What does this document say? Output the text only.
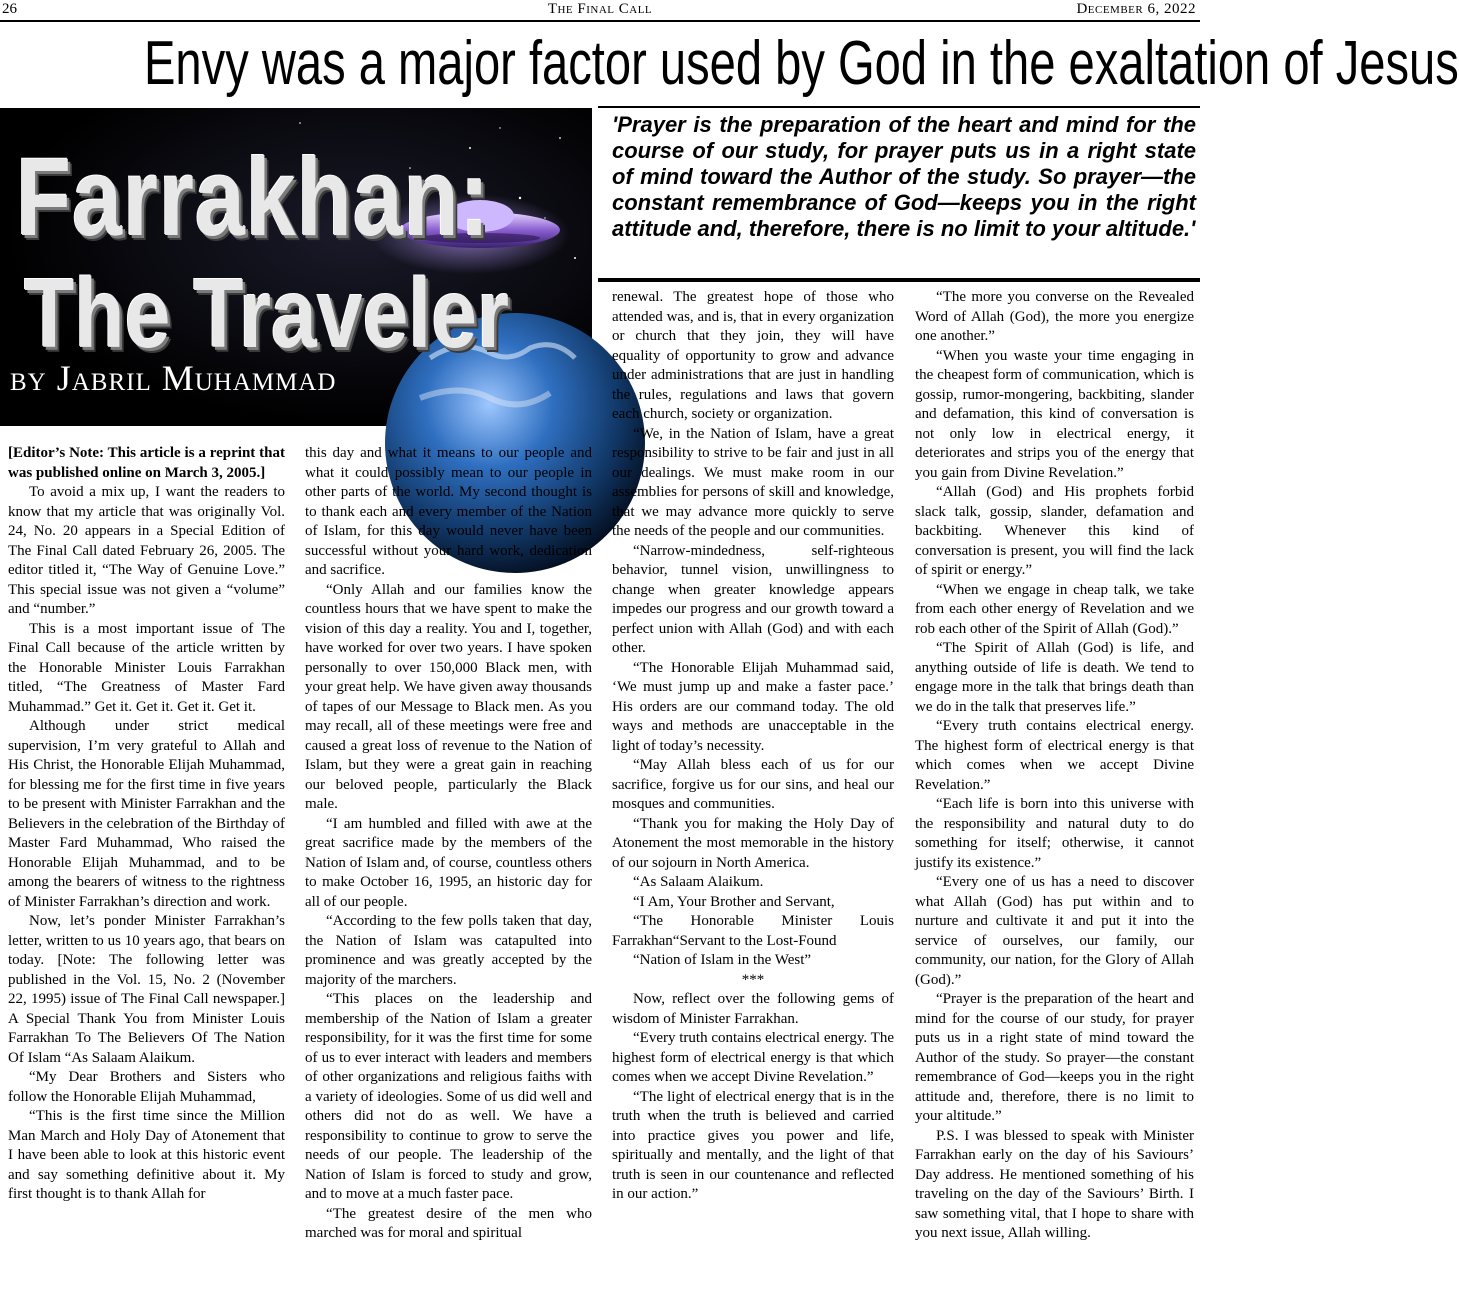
26	The Final Call	December 6, 2022
Envy was a major factor used by God in the exaltation of Jesus
Farrakhan:
The Traveler
by Jabril Muhammad
'Prayer is the preparation of the heart and mind for the course of our study, for prayer puts us in a right state of mind toward the Author of the study. So prayer—the constant remembrance of God—keeps you in the right attitude and, therefore, there is no limit to your altitude.'

[Editor’s Note: This article is a reprint that was published online on March 3, 2005.]

To avoid a mix up, I want the readers to know that my article that was originally Vol. 24, No. 20 appears in a Special Edition of The Final Call dated February 26, 2005. The editor titled it, “The Way of Genuine Love.” This special issue was not given a “volume” and “number.”

This is a most important issue of The Final Call because of the article written by the Honorable Minister Louis Farrakhan titled, “The Greatness of Master Fard Muhammad.” Get it. Get it. Get it. Get it.

Although under strict medical supervision, I’m very grateful to Allah and His Christ, the Honorable Elijah Muhammad, for blessing me for the first time in five years to be present with Minister Farrakhan and the Believers in the celebration of the Birthday of Master Fard Muhammad, Who raised the Honorable Elijah Muhammad, and to be among the bearers of witness to the rightness of Minister Farrakhan’s direction and work.

Now, let’s ponder Minister Farrakhan’s letter, written to us 10 years ago, that bears on today. [Note: The following letter was published in the Vol. 15, No. 2 (November 22, 1995) issue of The Final Call newspaper.] A Special Thank You from Minister Louis Farrakhan To The Believers Of The Nation Of Islam “As Salaam Alaikum.

“My Dear Brothers and Sisters who follow the Honorable Elijah Muhammad,

“This is the first time since the Million Man March and Holy Day of Atonement that I have been able to look at this historic event and say something definitive about it. My first thought is to thank Allah for

this day and what it means to our people and what it could possibly mean to our people in other parts of the world. My second thought is to thank each and every member of the Nation of Islam, for this day would never have been successful without your hard work, dedication and sacrifice.

“Only Allah and our families know the countless hours that we have spent to make the vision of this day a reality. You and I, together, have worked for over two years. I have spoken personally to over 150,000 Black men, with your great help. We have given away thousands of tapes of our Message to Black men. As you may recall, all of these meetings were free and caused a great loss of revenue to the Nation of Islam, but they were a great gain in reaching our beloved people, particularly the Black male.

“I am humbled and filled with awe at the great sacrifice made by the members of the Nation of Islam and, of course, countless others to make October 16, 1995, an historic day for all of our people.

“According to the few polls taken that day, the Nation of Islam was catapulted into prominence and was greatly accepted by the majority of the marchers.

“This places on the leadership and membership of the Nation of Islam a greater responsibility, for it was the first time for some of us to ever interact with leaders and members of other organizations and religious faiths with a variety of ideologies. Some of us did well and others did not do as well. We have a responsibility to continue to grow to serve the needs of our people. The leadership of the Nation of Islam is forced to study and grow, and to move at a much faster pace.

“The greatest desire of the men who marched was for moral and spiritual

renewal. The greatest hope of those who attended was, and is, that in every organization or church that they join, they will have equality of opportunity to grow and advance under administrations that are just in handling the rules, regulations and laws that govern each church, society or organization.

“We, in the Nation of Islam, have a great responsibility to strive to be fair and just in all our dealings. We must make room in our assemblies for persons of skill and knowledge, that we may advance more quickly to serve the needs of the people and our communities.

“Narrow-mindedness, self-righteous behavior, tunnel vision, unwillingness to change when greater knowledge appears impedes our progress and our growth toward a perfect union with Allah (God) and with each other.

“The Honorable Elijah Muhammad said, ‘We must jump up and make a faster pace.’ His orders are our command today. The old ways and methods are unacceptable in the light of today’s necessity.

“May Allah bless each of us for our sacrifice, forgive us for our sins, and heal our mosques and communities.

“Thank you for making the Holy Day of Atonement the most memorable in the history of our sojourn in North America.

“As Salaam Alaikum.

“I Am, Your Brother and Servant,

“The Honorable Minister Louis Farrakhan“Servant to the Lost-Found

“Nation of Islam in the West”

***

Now, reflect over the following gems of wisdom of Minister Farrakhan.

“Every truth contains electrical energy. The highest form of electrical energy is that which comes when we accept Divine Revelation.”

“The light of electrical energy that is in the truth when the truth is believed and carried into practice gives you power and life, spiritually and mentally, and the light of that truth is seen in our countenance and reflected in our action.”

“The more you converse on the Revealed Word of Allah (God), the more you energize one another.”

“When you waste your time engaging in the cheapest form of communication, which is gossip, rumor-mongering, backbiting, slander and defamation, this kind of conversation is not only low in electrical energy, it deteriorates and strips you of the energy that you gain from Divine Revelation.”

“Allah (God) and His prophets forbid slack talk, gossip, slander, defamation and backbiting. Whenever this kind of conversation is present, you will find the lack of spirit or energy.”

“When we engage in cheap talk, we take from each other energy of Revelation and we rob each other of the Spirit of Allah (God).”

“The Spirit of Allah (God) is life, and anything outside of life is death. We tend to engage more in the talk that brings death than we do in the talk that preserves life.”

“Every truth contains electrical energy. The highest form of electrical energy is that which comes when we accept Divine Revelation.”

“Each life is born into this universe with the responsibility and natural duty to do something for itself; otherwise, it cannot justify its existence.”

“Every one of us has a need to discover what Allah (God) has put within and to nurture and cultivate it and put it into the service of ourselves, our family, our community, our nation, for the Glory of Allah (God).”

“Prayer is the preparation of the heart and mind for the course of our study, for prayer puts us in a right state of mind toward the Author of the study. So prayer—the constant remembrance of God—keeps you in the right attitude and, therefore, there is no limit to your altitude.”

P.S. I was blessed to speak with Minister Farrakhan early on the day of his Saviours’ Day address. He mentioned something of his traveling on the day of the Saviours’ Birth. I saw something vital, that I hope to share with you next issue, Allah willing.
